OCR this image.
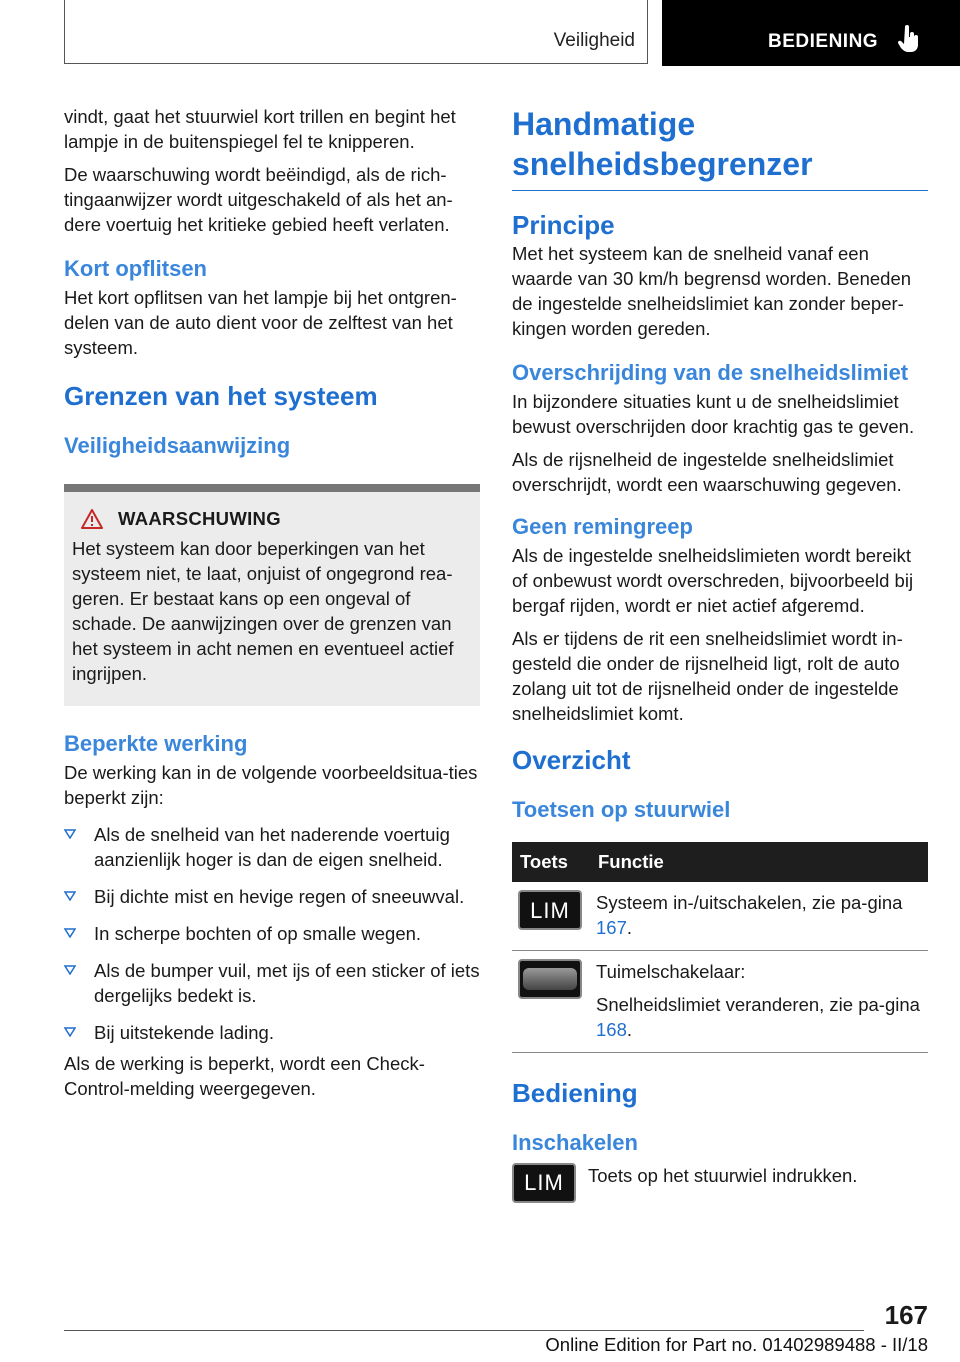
Veiligheid	BEDIENING

vindt, gaat het stuurwiel kort trillen en begint het lampje in de buitenspiegel fel te knipperen.

De waarschuwing wordt beëindigd, als de rich-tingaanwijzer wordt uitgeschakeld of als het an-dere voertuig het kritieke gebied heeft verlaten.

Kort opflitsen

Het kort opflitsen van het lampje bij het ontgren-delen van de auto dient voor de zelftest van het systeem.

Grenzen van het systeem
Veiligheidsaanwijzing
WAARSCHUWING

Het systeem kan door beperkingen van het systeem niet, te laat, onjuist of ongegrond rea-geren. Er bestaat kans op een ongeval of schade. De aanwijzingen over de grenzen van het systeem in acht nemen en eventueel actief ingrijpen.

Beperkte werking

De werking kan in de volgende voorbeeldsitua-ties beperkt zijn:

Als de snelheid van het naderende voertuig aanzienlijk hoger is dan de eigen snelheid.
Bij dichte mist en hevige regen of sneeuwval.
In scherpe bochten of op smalle wegen.
Als de bumper vuil, met ijs of een sticker of iets dergelijks bedekt is.
Bij uitstekende lading.

Als de werking is beperkt, wordt een Check-Control-melding weergegeven.

Handmatige snelheidsbegrenzer
Principe

Met het systeem kan de snelheid vanaf een waarde van 30 km/h begrensd worden. Beneden de ingestelde snelheidslimiet kan zonder beper-kingen worden gereden.

Overschrijding van de snelheidslimiet

In bijzondere situaties kunt u de snelheidslimiet bewust overschrijden door krachtig gas te geven.

Als de rijsnelheid de ingestelde snelheidslimiet overschrijdt, wordt een waarschuwing gegeven.

Geen remingreep

Als de ingestelde snelheidslimieten wordt bereikt of onbewust wordt overschreden, bijvoorbeeld bij bergaf rijden, wordt er niet actief afgeremd.

Als er tijdens de rit een snelheidslimiet wordt in-gesteld die onder de rijsnelheid ligt, rolt de auto zolang uit tot de rijsnelheid onder de ingestelde snelheidslimiet komt.

Overzicht
Toetsen op stuurwiel
Toets	Functie

LIM	Systeem in-/uitschakelen, zie pa-gina 167.

	Tuimelschakelaar:

Snelheidslimiet veranderen, zie pa-gina 168.

Bediening
Inschakelen
LIM Toets op het stuurwiel indrukken.

167
Online Edition for Part no. 01402989488 - II/18
